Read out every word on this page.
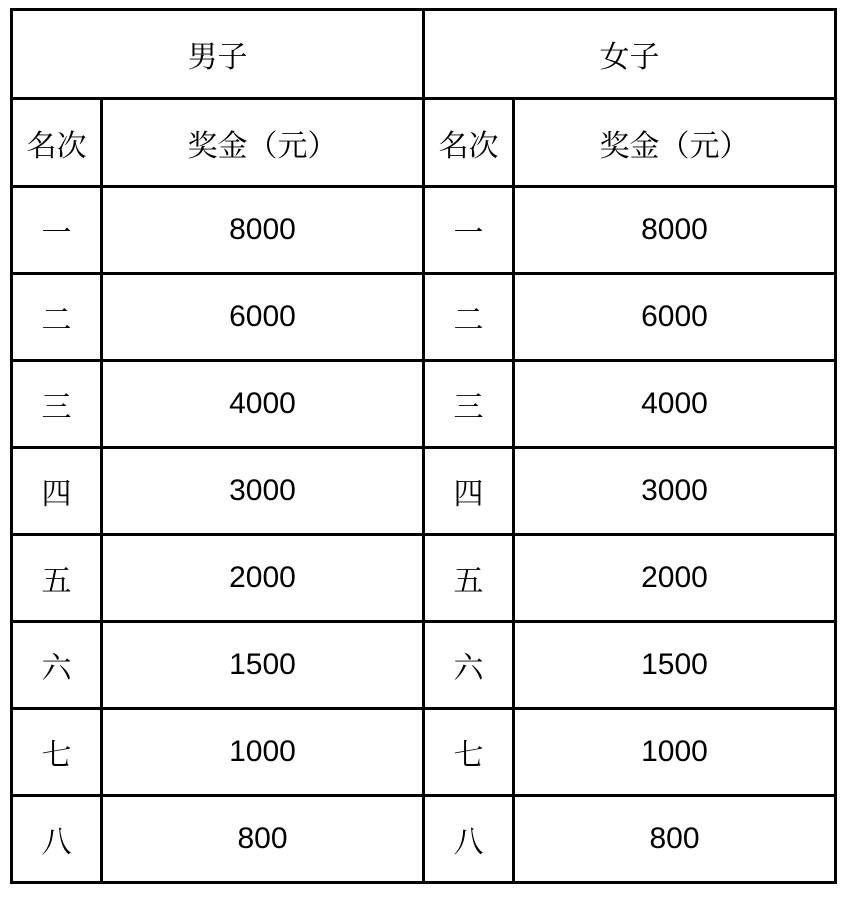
男子		女子	
名次	奖金（元）	名次	奖金（元）
一	8000	一	8000
二	6000	二	6000
三	4000	三	4000
四	3000	四	3000
五	2000	五	2000
六	1500	六	1500
七	1000	七	1000
八	800	八	800
